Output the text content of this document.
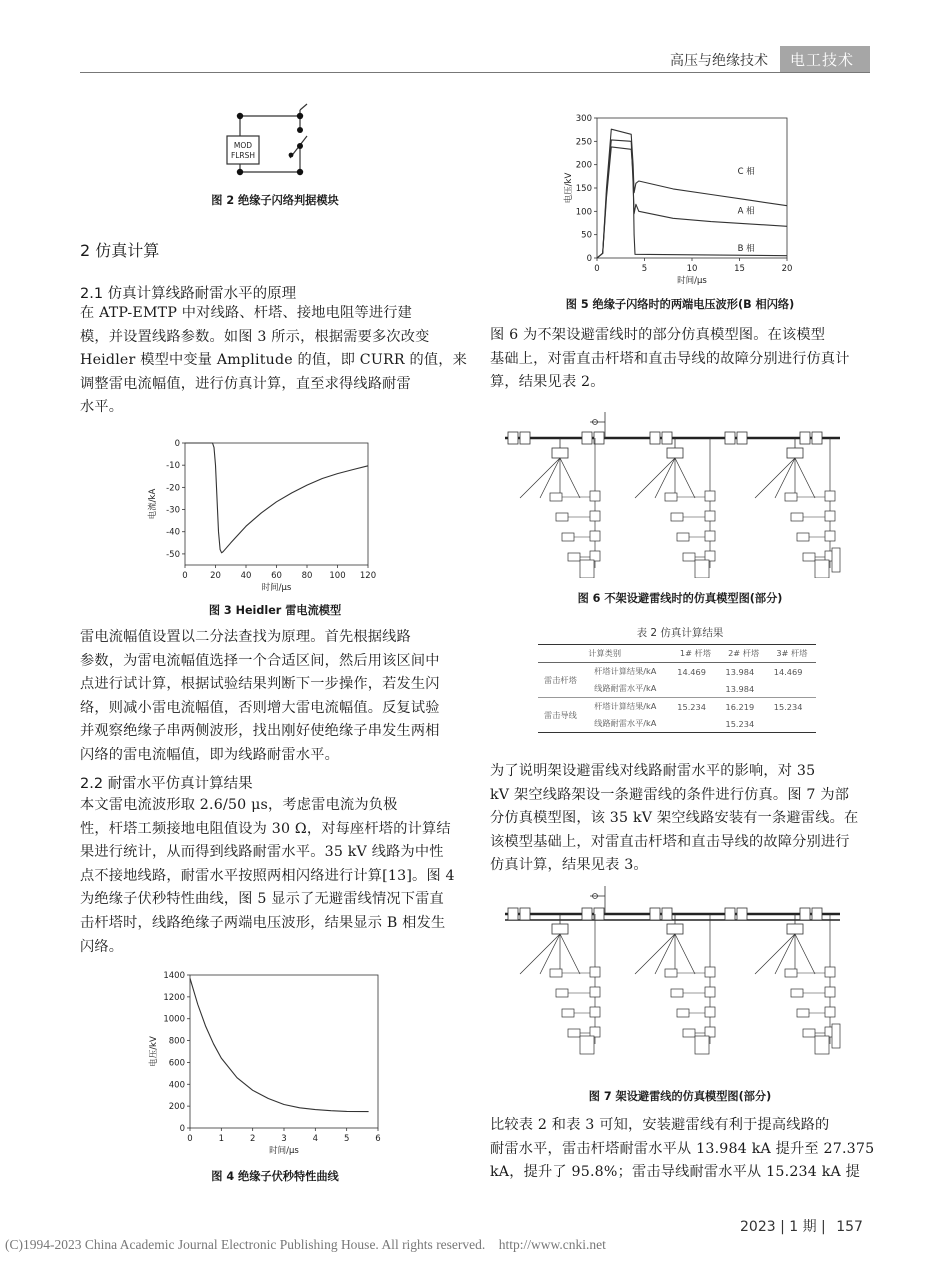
高压与绝缘技术 电工技术
MOD
FLRSH
图 2 绝缘子闪络判据模块
2 仿真计算
2.1 仿真计算线路耐雷水平的原理
在 ATP-EMTP 中对线路、杆塔、接地电阻等进行建
模，并设置线路参数。如图 3 所示，根据需要多次改变
Heidler 模型中变量 Amplitude 的值，即 CURR 的值，来
调整雷电流幅值，进行仿真计算，直至求得线路耐雷
水平。
0	20 40 60 80 100 120
0
-10
-20
-30
-40
-50
时间/μs
电流/kA
图 3 Heidler 雷电流模型
雷电流幅值设置以二分法查找为原理。首先根据线路
参数，为雷电流幅值选择一个合适区间，然后用该区间中
点进行试计算，根据试验结果判断下一步操作，若发生闪
络，则减小雷电流幅值，否则增大雷电流幅值。反复试验
并观察绝缘子串两侧波形，找出刚好使绝缘子串发生两相
闪络的雷电流幅值，即为线路耐雷水平。
2.2 耐雷水平仿真计算结果
本文雷电流波形取 2.6/50 μs，考虑雷电流为负极
性，杆塔工频接地电阻值设为 30 Ω，对每座杆塔的计算结
果进行统计，从而得到线路耐雷水平。35 kV 线路为中性
点不接地线路，耐雷水平按照两相闪络进行计算[13]。图 4
为绝缘子伏秒特性曲线，图 5 显示了无避雷线情况下雷直
击杆塔时，线路绝缘子两端电压波形，结果显示 B 相发生
闪络。
0	1	2	3	4	5	6
0
200
400
600
800
1000
1200
1400
时间/μs
电压/kV
图 4 绝缘子伏秒特性曲线
0	5	10	15	20
0
50
100
150
200
250
300
时间/μs
电压/kV
C 相
A 相
B 相
图 5 绝缘子闪络时的两端电压波形(B 相闪络)
图 6 为不架设避雷线时的部分仿真模型图。在该模型
基础上，对雷直击杆塔和直击导线的故障分别进行仿真计
算，结果见表 2。
图 6 不架设避雷线时的仿真模型图(部分)
表 2 仿真计算结果
计算类别		1# 杆塔	2# 杆塔	3# 杆塔
雷击杆塔	杆塔计算结果/kA	14.469	13.984	14.469
	线路耐雷水平/kA		13.984	
雷击导线	杆塔计算结果/kA	15.234	16.219	15.234
	线路耐雷水平/kA		15.234	
为了说明架设避雷线对线路耐雷水平的影响，对 35
kV 架空线路架设一条避雷线的条件进行仿真。图 7 为部
分仿真模型图，该 35 kV 架空线路安装有一条避雷线。在
该模型基础上，对雷直击杆塔和直击导线的故障分别进行
仿真计算，结果见表 3。
图 7 架设避雷线的仿真模型图(部分)
比较表 2 和表 3 可知，安装避雷线有利于提高线路的
耐雷水平，雷击杆塔耐雷水平从 13.984 kA 提升至 27.375
kA，提升了 95.8%；雷击导线耐雷水平从 15.234 kA 提
2023 | 1 期 | 157
(C)1994-2023 China Academic Journal Electronic Publishing House. All rights reserved.    http://www.cnki.net
